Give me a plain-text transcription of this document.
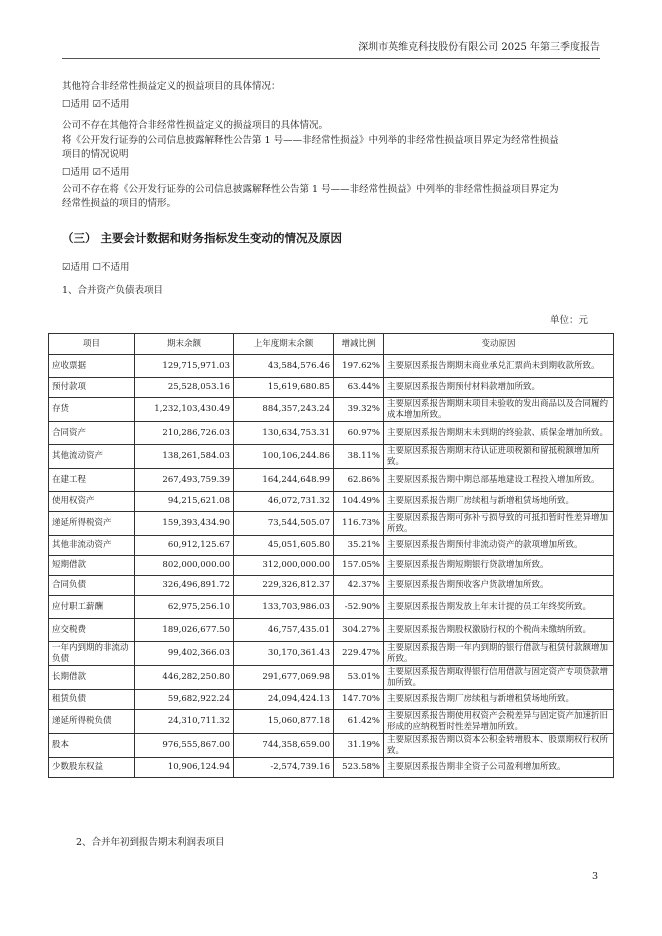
深圳市英维克科技股份有限公司 2025 年第三季度报告
其他符合非经常性损益定义的损益项目的具体情况：
☐适用 ☑不适用
公司不存在其他符合非经常性损益定义的损益项目的具体情况。
将《公开发行证券的公司信息披露解释性公告第 1 号——非经常性损益》中列举的非经常性损益项目界定为经常性损益
项目的情况说明
☐适用 ☑不适用
公司不存在将《公开发行证券的公司信息披露解释性公告第 1 号——非经常性损益》中列举的非经常性损益项目界定为
经常性损益的项目的情形。
（三） 主要会计数据和财务指标发生变动的情况及原因
☑适用 ☐不适用
1、合并资产负债表项目
单位：元
项目	期末余额	上年度期末余额	增减比例	变动原因
应收票据	129,715,971.03	43,584,576.46	197.62%	主要原因系报告期期末商业承兑汇票尚未到期收款所致。
预付款项	25,528,053.16	15,619,680.85	63.44%	主要原因系报告期预付材料款增加所致。
存货	1,232,103,430.49	884,357,243.24	39.32%	主要原因系报告期期末项目未验收的发出商品以及合同履约成本增加所致。
合同资产	210,286,726.03	130,634,753.31	60.97%	主要原因系报告期期末未到期的终验款、质保金增加所致。
其他流动资产	138,261,584.03	100,106,244.86	38.11%	主要原因系报告期期末待认证进项税额和留抵税额增加所致。
在建工程	267,493,759.39	164,244,648.99	62.86%	主要原因系报告期中期总部基地建设工程投入增加所致。
使用权资产	94,215,621.08	46,072,731.32	104.49%	主要原因系报告期厂房续租与新增租赁场地所致。
递延所得税资产	159,393,434.90	73,544,505.07	116.73%	主要原因系报告期可弥补亏损导致的可抵扣暂时性差异增加所致。
其他非流动资产	60,912,125.67	45,051,605.80	35.21%	主要原因系报告期预付非流动资产的款项增加所致。
短期借款	802,000,000.00	312,000,000.00	157.05%	主要原因系报告期短期银行贷款增加所致。
合同负债	326,496,891.72	229,326,812.37	42.37%	主要原因系报告期预收客户货款增加所致。
应付职工薪酬	62,975,256.10	133,703,986.03	-52.90%	主要原因系报告期发放上年末计提的员工年终奖所致。
应交税费	189,026,677.50	46,757,435.01	304.27%	主要原因系报告期股权激励行权的个税尚未缴纳所致。
一年内到期的非流动负债	99,402,366.03	30,170,361.43	229.47%	主要原因系报告期一年内到期的银行借款与租赁付款额增加所致。
长期借款	446,282,250.80	291,677,069.98	53.01%	主要原因系报告期取得银行信用借款与固定资产专项贷款增加所致。
租赁负债	59,682,922.24	24,094,424.13	147.70%	主要原因系报告期厂房续租与新增租赁场地所致。
递延所得税负债	24,310,711.32	15,060,877.18	61.42%	主要原因系报告期使用权资产会税差异与固定资产加速折旧形成的应纳税暂时性差异增加所致。
股本	976,555,867.00	744,358,659.00	31.19%	主要原因系报告期以资本公积金转增股本、股票期权行权所致。
少数股东权益	10,906,124.94	-2,574,739.16	523.58%	主要原因系报告期非全资子公司盈利增加所致。
2、合并年初到报告期末利润表项目
3
